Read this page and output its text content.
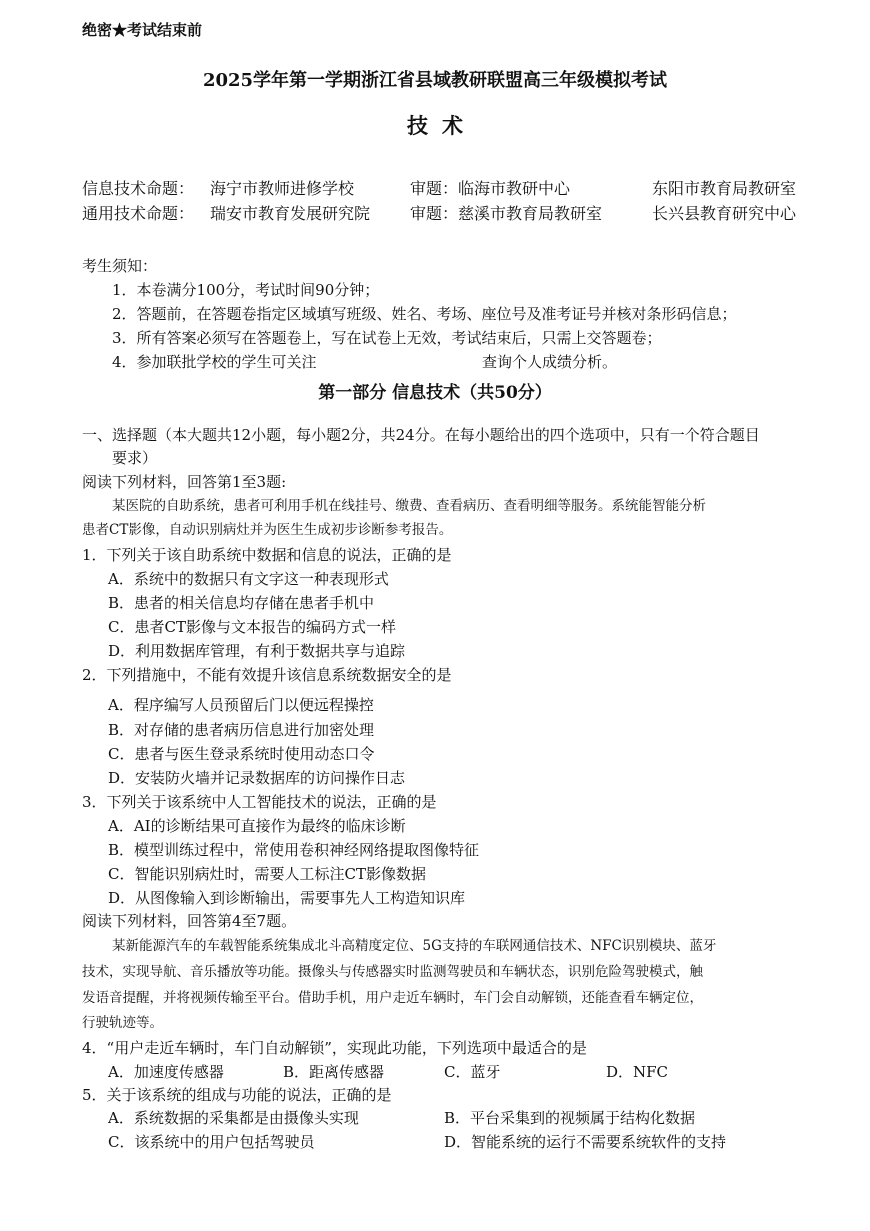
绝密★考试结束前
2025学年第一学期浙江省县域教研联盟高三年级模拟考试
技术
信息技术命题： 海宁市教师进修学校	审题： 临海市教研中心	东阳市教育局教研室
通用技术命题： 瑞安市教育发展研究院 审题： 慈溪市教育局教研室	长兴县教育研究中心
考生须知：
1．本卷满分100分，考试时间90分钟；
2．答题前，在答题卷指定区域填写班级、姓名、考场、座位号及准考证号并核对条形码信息；
3．所有答案必须写在答题卷上，写在试卷上无效，考试结束后，只需上交答题卷；
4．参加联批学校的学生可关注	查询个人成绩分析。
第一部分 信息技术（共50分）
一、选择题（本大题共12小题，每小题2分，共24分。在每小题给出的四个选项中，只有一个符合题目
要求）
阅读下列材料，回答第1至3题:
某医院的自助系统，患者可利用手机在线挂号、缴费、查看病历、查看明细等服务。系统能智能分析
患者CT影像，自动识别病灶并为医生生成初步诊断参考报告。
1．下列关于该自助系统中数据和信息的说法，正确的是
A．系统中的数据只有文字这一种表现形式
B．患者的相关信息均存储在患者手机中
C．患者CT影像与文本报告的编码方式一样
D．利用数据库管理，有利于数据共享与追踪
2．下列措施中，不能有效提升该信息系统数据安全的是
A．程序编写人员预留后门以便远程操控
B．对存储的患者病历信息进行加密处理
C．患者与医生登录系统时使用动态口令
D．安装防火墙并记录数据库的访问操作日志
3．下列关于该系统中人工智能技术的说法，正确的是
A．AI的诊断结果可直接作为最终的临床诊断
B．模型训练过程中，常使用卷积神经网络提取图像特征
C．智能识别病灶时，需要人工标注CT影像数据
D．从图像输入到诊断输出，需要事先人工构造知识库
阅读下列材料，回答第4至7题。
某新能源汽车的车载智能系统集成北斗高精度定位、5G支持的车联网通信技术、NFC识别模块、蓝牙
技术，实现导航、音乐播放等功能。摄像头与传感器实时监测驾驶员和车辆状态，识别危险驾驶模式，触
发语音提醒，并将视频传输至平台。借助手机，用户走近车辆时，车门会自动解锁，还能查看车辆定位，
行驶轨迹等。
4．“用户走近车辆时，车门自动解锁”，实现此功能，下列选项中最适合的是
A．加速度传感器	B．距离传感器	C．蓝牙	D．NFC
5．关于该系统的组成与功能的说法，正确的是
A．系统数据的采集都是由摄像头实现	B．平台采集到的视频属于结构化数据
C．该系统中的用户包括驾驶员	D．智能系统的运行不需要系统软件的支持
